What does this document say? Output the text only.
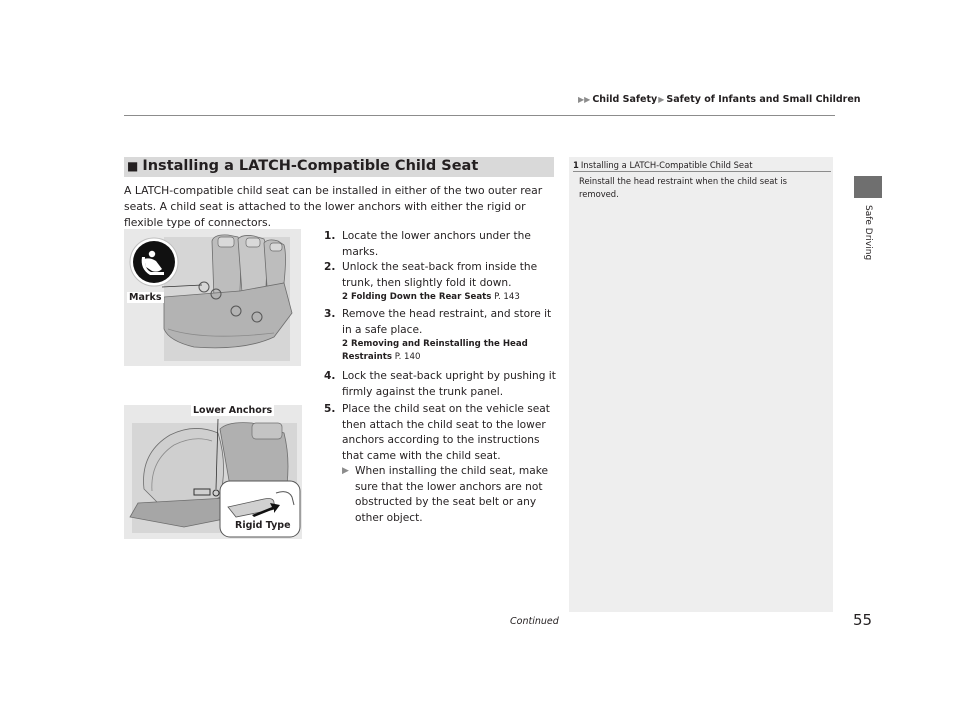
▶▶ Child Safety▶ Safety of Infants and Small Children
Safe Driving
■ Installing a LATCH-Compatible Child Seat
A LATCH-compatible child seat can be installed in either of the two outer rear seats. A child seat is attached to the lower anchors with either the rigid or flexible type of connectors.
1. Locate the lower anchors under the marks.
2. Unlock the seat-back from inside the trunk, then slightly fold it down.
2 Folding Down the Rear Seats P. 143
3. Remove the head restraint, and store it in a safe place.
2 Removing and Reinstalling the Head Restraints P. 140
4. Lock the seat-back upright by pushing it firmly against the trunk panel.
5. Place the child seat on the vehicle seat then attach the child seat to the lower anchors according to the instructions that came with the child seat.
▶ When installing the child seat, make sure that the lower anchors are not obstructed by the seat belt or any other object.
Marks
Lower Anchors
Rigid Type
1 Installing a LATCH-Compatible Child Seat
Reinstall the head restraint when the child seat is removed.
Continued	55
